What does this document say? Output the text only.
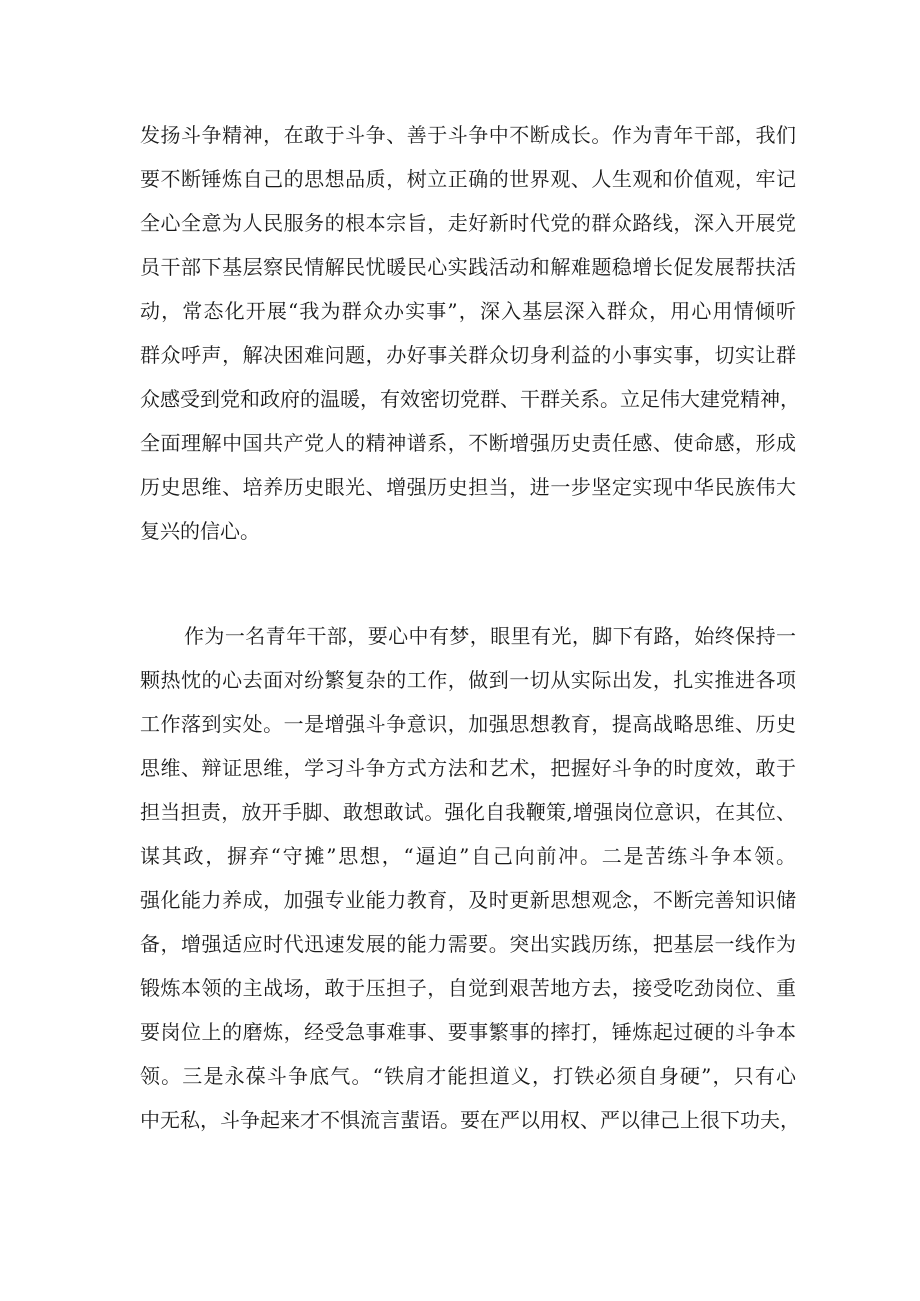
发扬斗争精神，在敢于斗争、善于斗争中不断成长。作为青年干部，我们
要不断锤炼自己的思想品质，树立正确的世界观、人生观和价值观，牢记
全心全意为人民服务的根本宗旨，走好新时代党的群众路线，深入开展党
员干部下基层察民情解民忧暖民心实践活动和解难题稳增长促发展帮扶活
动，常态化开展“我为群众办实事”，深入基层深入群众，用心用情倾听
群众呼声，解决困难问题，办好事关群众切身利益的小事实事，切实让群
众感受到党和政府的温暖，有效密切党群、干群关系。立足伟大建党精神，
全面理解中国共产党人的精神谱系，不断增强历史责任感、使命感，形成
历史思维、培养历史眼光、增强历史担当，进一步坚定实现中华民族伟大
复兴的信心。
作为一名青年干部，要心中有梦，眼里有光，脚下有路，始终保持一
颗热忱的心去面对纷繁复杂的工作，做到一切从实际出发，扎实推进各项
工作落到实处。一是增强斗争意识，加强思想教育，提高战略思维、历史
思维、辩证思维，学习斗争方式方法和艺术，把握好斗争的时度效，敢于
担当担责，放开手脚、敢想敢试。强化自我鞭策,增强岗位意识，在其位、
谋其政，摒弃“守摊”思想，“逼迫”自己向前冲。二是苦练斗争本领。
强化能力养成，加强专业能力教育，及时更新思想观念，不断完善知识储
备，增强适应时代迅速发展的能力需要。突出实践历练，把基层一线作为
锻炼本领的主战场，敢于压担子，自觉到艰苦地方去，接受吃劲岗位、重
要岗位上的磨炼，经受急事难事、要事繁事的摔打，锤炼起过硬的斗争本
领。三是永葆斗争底气。“铁肩才能担道义，打铁必须自身硬”，只有心
中无私，斗争起来才不惧流言蜚语。要在严以用权、严以律己上很下功夫，
